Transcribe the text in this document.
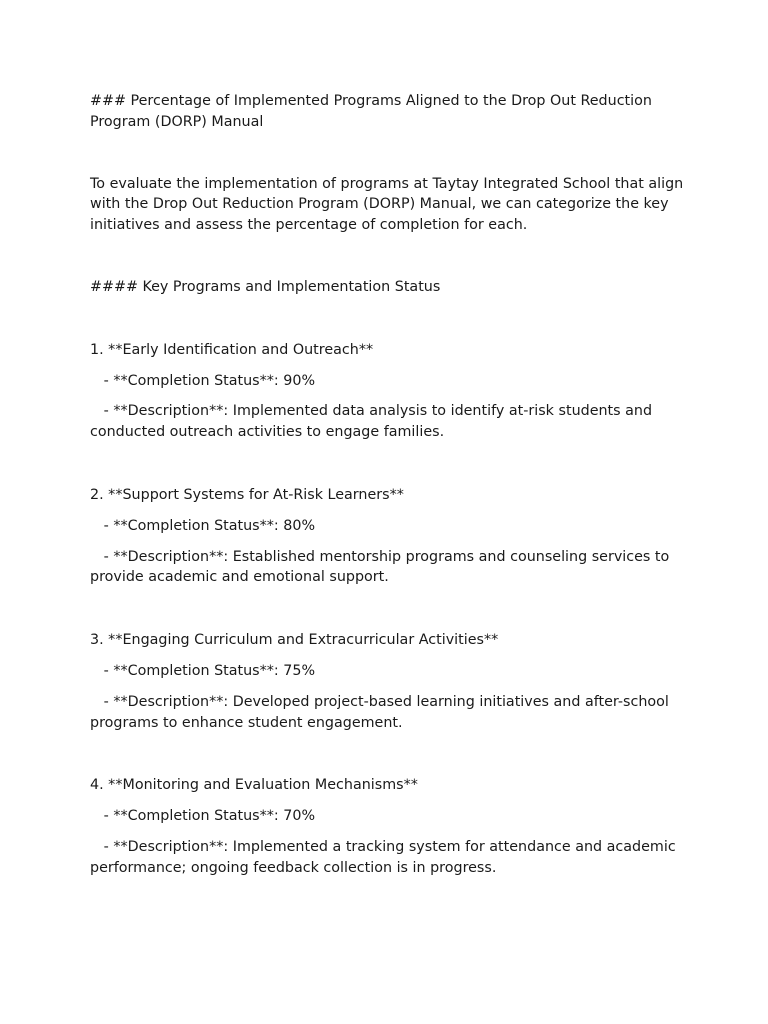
### Percentage of Implemented Programs Aligned to the Drop Out Reduction Program (DORP) Manual

To evaluate the implementation of programs at Taytay Integrated School that align with the Drop Out Reduction Program (DORP) Manual, we can categorize the key initiatives and assess the percentage of completion for each.

#### Key Programs and Implementation Status

1. **Early Identification and Outreach**

- **Completion Status**: 90%

- **Description**: Implemented data analysis to identify at-risk students and conducted outreach activities to engage families.

2. **Support Systems for At-Risk Learners**

- **Completion Status**: 80%

- **Description**: Established mentorship programs and counseling services to provide academic and emotional support.

3. **Engaging Curriculum and Extracurricular Activities**

- **Completion Status**: 75%

- **Description**: Developed project-based learning initiatives and after-school programs to enhance student engagement.

4. **Monitoring and Evaluation Mechanisms**

- **Completion Status**: 70%

- **Description**: Implemented a tracking system for attendance and academic performance; ongoing feedback collection is in progress.
